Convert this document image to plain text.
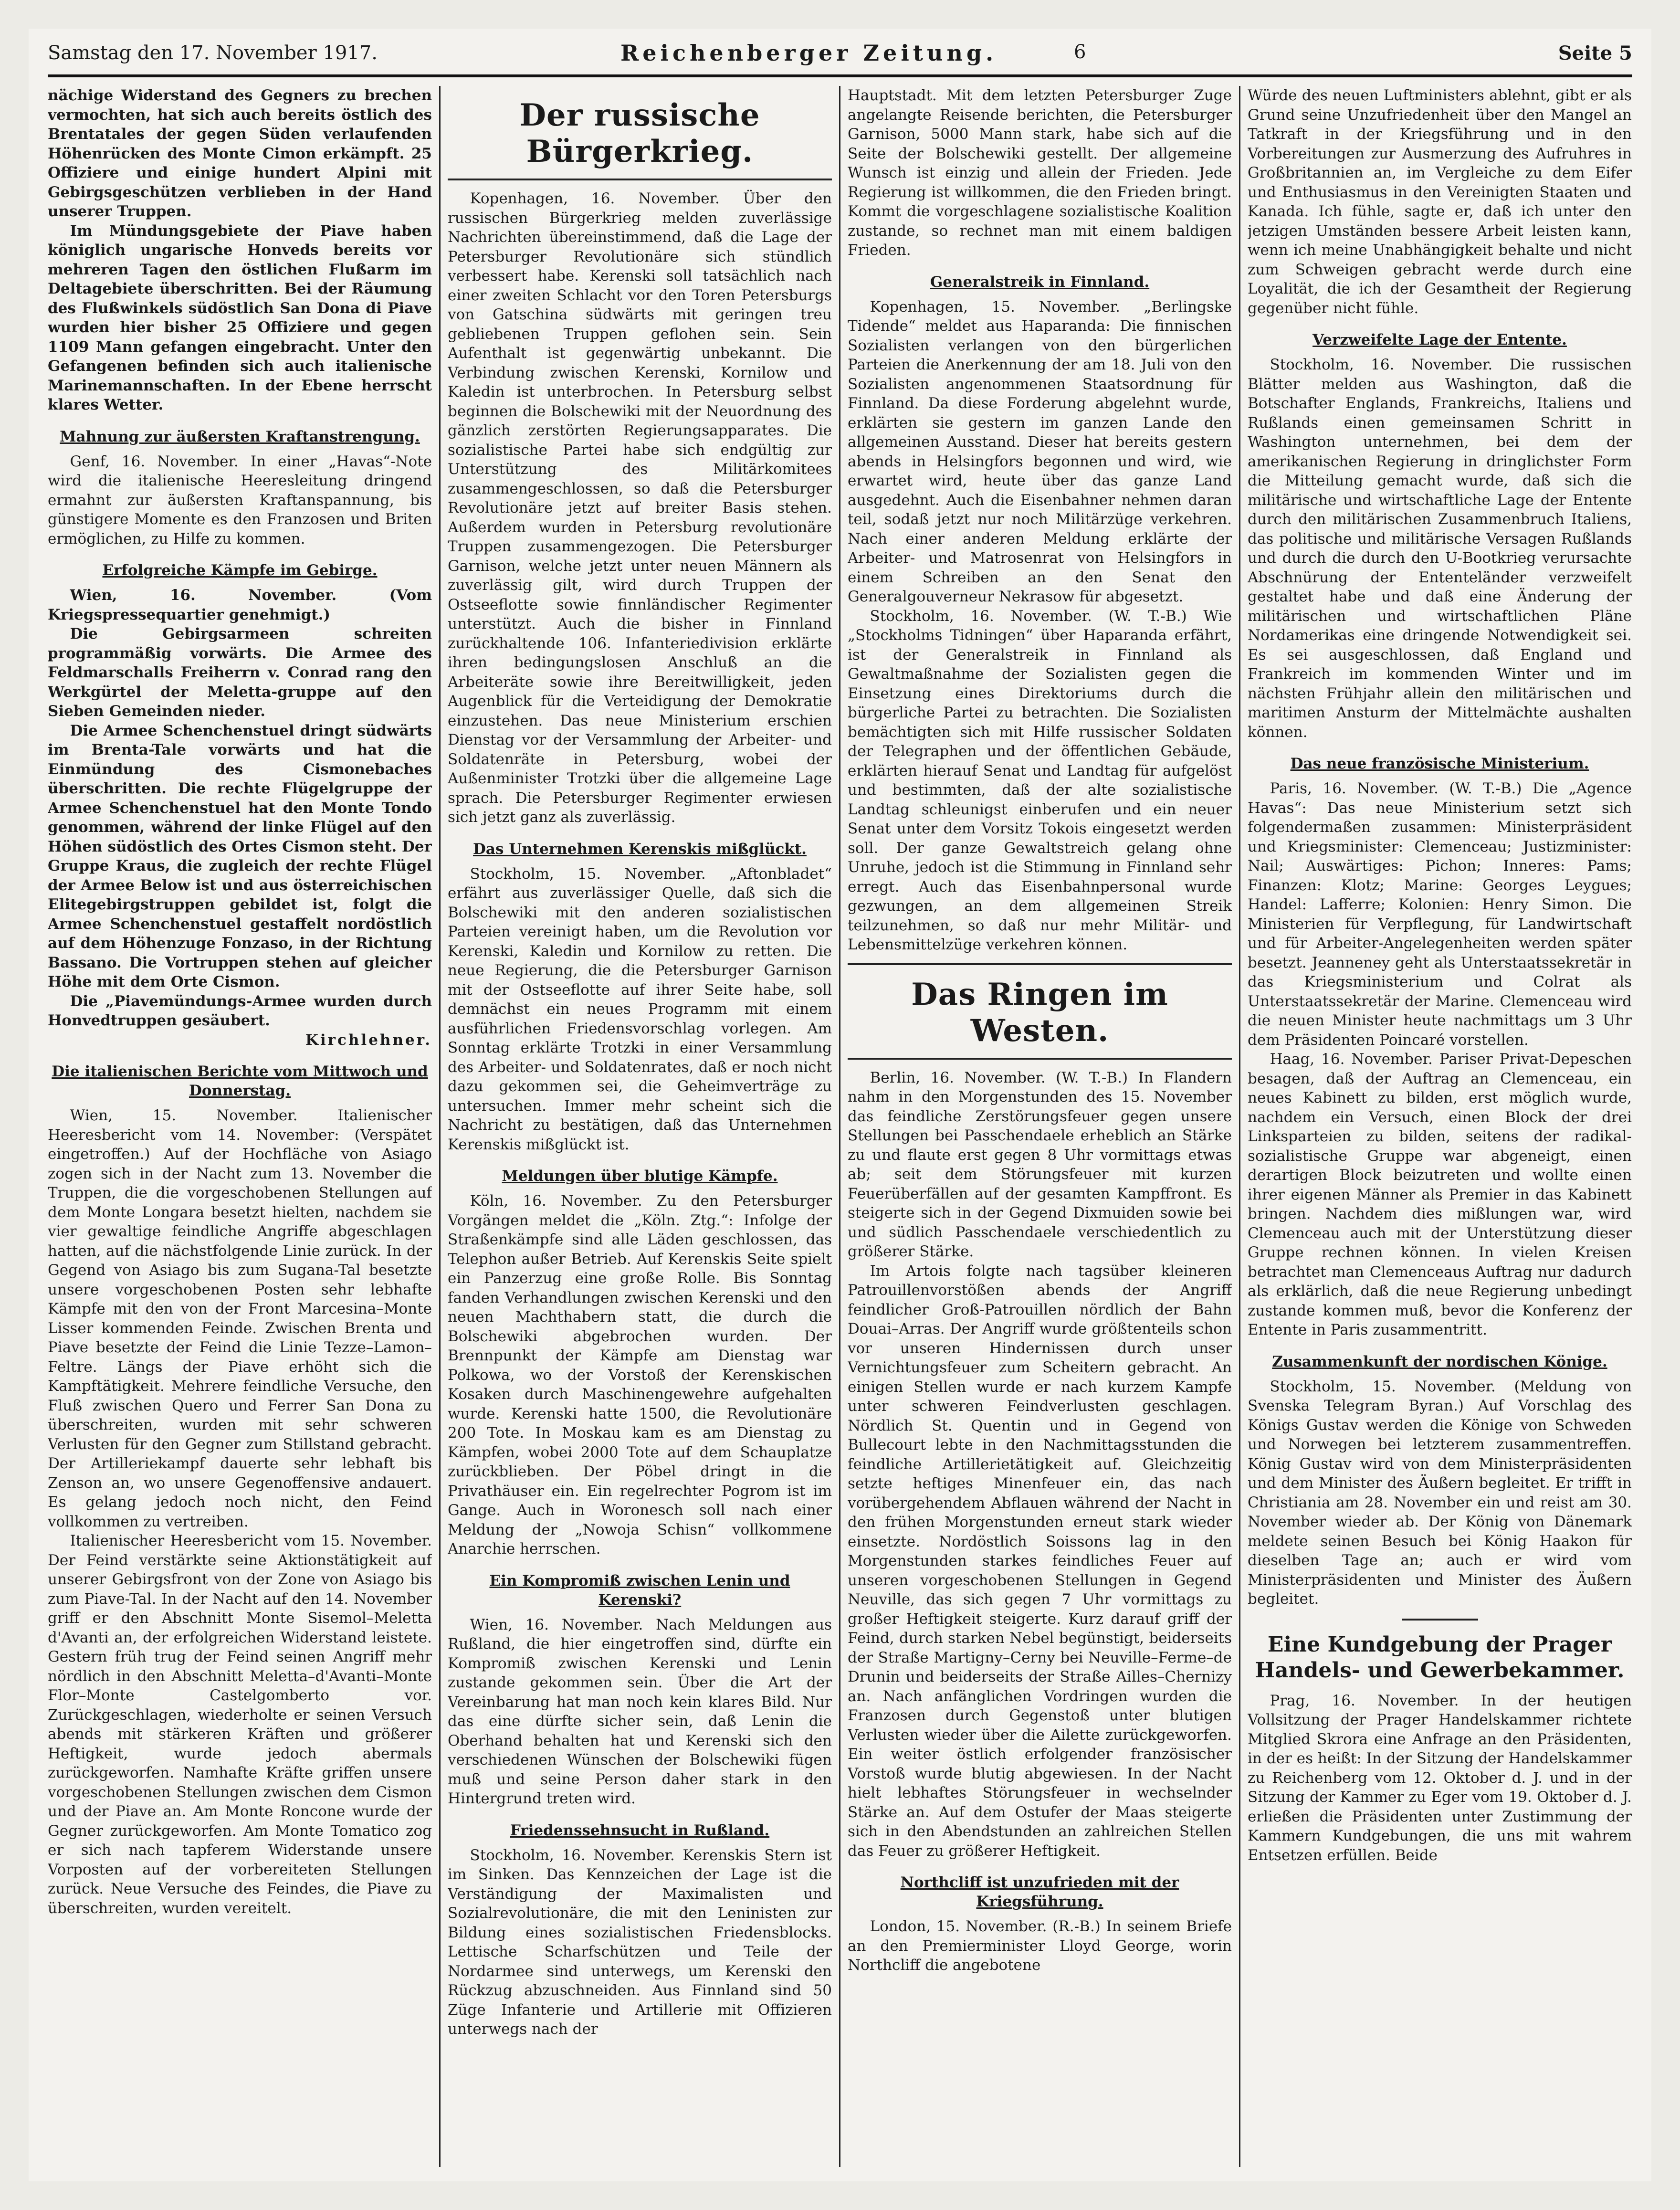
Samstag den 17. November 1917.	Reichenberger Zeitung.	6	Seite 5

nächige Widerstand des Gegners zu brechen vermochten, hat sich auch bereits östlich des Brentatales der gegen Süden verlaufenden Höhenrücken des Monte Cimon erkämpft. 25 Offiziere und einige hundert Alpini mit Gebirgsgeschützen verblieben in der Hand unserer Truppen.

Im Mündungsgebiete der Piave haben königlich ungarische Honveds bereits vor mehreren Tagen den östlichen Flußarm im Deltagebiete überschritten. Bei der Räumung des Flußwinkels südöstlich San Dona di Piave wurden hier bisher 25 Offiziere und gegen 1109 Mann gefangen eingebracht. Unter den Gefangenen befinden sich auch italienische Marinemannschaften. In der Ebene herrscht klares Wetter.

Mahnung zur äußersten Kraftanstrengung.

Genf, 16. November. In einer „Havas“-Note wird die italienische Heeresleitung dringend ermahnt zur äußersten Kraftanspannung, bis günstigere Momente es den Franzosen und Briten ermöglichen, zu Hilfe zu kommen.

Erfolgreiche Kämpfe im Gebirge.

Wien, 16. November. (Vom Kriegspressequartier genehmigt.)

Die Gebirgsarmeen schreiten programmäßig vorwärts. Die Armee des Feldmarschalls Freiherrn v. Conrad rang den Werkgürtel der Meletta-gruppe auf den Sieben Gemeinden nieder.

Die Armee Schenchenstuel dringt südwärts im Brenta-Tale vorwärts und hat die Einmündung des Cismonebaches überschritten. Die rechte Flügelgruppe der Armee Schenchenstuel hat den Monte Tondo genommen, während der linke Flügel auf den Höhen südöstlich des Ortes Cismon steht. Der Gruppe Kraus, die zugleich der rechte Flügel der Armee Below ist und aus österreichischen Elitegebirgstruppen gebildet ist, folgt die Armee Schenchenstuel gestaffelt nordöstlich auf dem Höhenzuge Fonzaso, in der Richtung Bassano. Die Vortruppen stehen auf gleicher Höhe mit dem Orte Cismon.

Die „Piavemündungs-Armee wurden durch Honvedtruppen gesäubert.

Kirchlehner.
Die italienischen Berichte vom Mittwoch und Donnerstag.

Wien, 15. November. Italienischer Heeresbericht vom 14. November: (Verspätet eingetroffen.) Auf der Hochfläche von Asiago zogen sich in der Nacht zum 13. November die Truppen, die die vorgeschobenen Stellungen auf dem Monte Longara besetzt hielten, nachdem sie vier gewaltige feindliche Angriffe abgeschlagen hatten, auf die nächstfolgende Linie zurück. In der Gegend von Asiago bis zum Sugana-Tal besetzte unsere vorgeschobenen Posten sehr lebhafte Kämpfe mit den von der Front Marcesina–Monte Lisser kommenden Feinde. Zwischen Brenta und Piave besetzte der Feind die Linie Tezze–Lamon–Feltre. Längs der Piave erhöht sich die Kampftätigkeit. Mehrere feindliche Versuche, den Fluß zwischen Quero und Ferrer San Dona zu überschreiten, wurden mit sehr schweren Verlusten für den Gegner zum Stillstand gebracht. Der Artilleriekampf dauerte sehr lebhaft bis Zenson an, wo unsere Gegenoffensive andauert. Es gelang jedoch noch nicht, den Feind vollkommen zu vertreiben.

Italienischer Heeresbericht vom 15. November. Der Feind verstärkte seine Aktionstätigkeit auf unserer Gebirgsfront von der Zone von Asiago bis zum Piave-Tal. In der Nacht auf den 14. November griff er den Abschnitt Monte Sisemol–Meletta d'Avanti an, der erfolgreichen Widerstand leistete. Gestern früh trug der Feind seinen Angriff mehr nördlich in den Abschnitt Meletta–d'Avanti–Monte Flor–Monte Castelgomberto vor. Zurückgeschlagen, wiederholte er seinen Versuch abends mit stärkeren Kräften und größerer Heftigkeit, wurde jedoch abermals zurückgeworfen. Namhafte Kräfte griffen unsere vorgeschobenen Stellungen zwischen dem Cismon und der Piave an. Am Monte Roncone wurde der Gegner zurückgeworfen. Am Monte Tomatico zog er sich nach tapferem Widerstande unsere Vorposten auf der vorbereiteten Stellungen zurück. Neue Versuche des Feindes, die Piave zu überschreiten, wurden vereitelt.

Der russische Bürgerkrieg.

Kopenhagen, 16. November. Über den russischen Bürgerkrieg melden zuverlässige Nachrichten übereinstimmend, daß die Lage der Petersburger Revolutionäre sich stündlich verbessert habe. Kerenski soll tatsächlich nach einer zweiten Schlacht vor den Toren Petersburgs von Gatschina südwärts mit geringen treu gebliebenen Truppen geflohen sein. Sein Aufenthalt ist gegenwärtig unbekannt. Die Verbindung zwischen Kerenski, Kornilow und Kaledin ist unterbrochen. In Petersburg selbst beginnen die Bolschewiki mit der Neuordnung des gänzlich zerstörten Regierungsapparates. Die sozialistische Partei habe sich endgültig zur Unterstützung des Militärkomitees zusammengeschlossen, so daß die Petersburger Revolutionäre jetzt auf breiter Basis stehen. Außerdem wurden in Petersburg revolutionäre Truppen zusammengezogen. Die Petersburger Garnison, welche jetzt unter neuen Männern als zuverlässig gilt, wird durch Truppen der Ostseeflotte sowie finnländischer Regimenter unterstützt. Auch die bisher in Finnland zurückhaltende 106. Infanteriedivision erklärte ihren bedingungslosen Anschluß an die Arbeiteräte sowie ihre Bereitwilligkeit, jeden Augenblick für die Verteidigung der Demokratie einzustehen. Das neue Ministerium erschien Dienstag vor der Versammlung der Arbeiter- und Soldatenräte in Petersburg, wobei der Außenminister Trotzki über die allgemeine Lage sprach. Die Petersburger Regimenter erwiesen sich jetzt ganz als zuverlässig.

Das Unternehmen Kerenskis mißglückt.

Stockholm, 15. November. „Aftonbladet“ erfährt aus zuverlässiger Quelle, daß sich die Bolschewiki mit den anderen sozialistischen Parteien vereinigt haben, um die Revolution vor Kerenski, Kaledin und Kornilow zu retten. Die neue Regierung, die die Petersburger Garnison mit der Ostseeflotte auf ihrer Seite habe, soll demnächst ein neues Programm mit einem ausführlichen Friedensvorschlag vorlegen. Am Sonntag erklärte Trotzki in einer Versammlung des Arbeiter- und Soldatenrates, daß er noch nicht dazu gekommen sei, die Geheimverträge zu untersuchen. Immer mehr scheint sich die Nachricht zu bestätigen, daß das Unternehmen Kerenskis mißglückt ist.

Meldungen über blutige Kämpfe.

Köln, 16. November. Zu den Petersburger Vorgängen meldet die „Köln. Ztg.“: Infolge der Straßenkämpfe sind alle Läden geschlossen, das Telephon außer Betrieb. Auf Kerenskis Seite spielt ein Panzerzug eine große Rolle. Bis Sonntag fanden Verhandlungen zwischen Kerenski und den neuen Machthabern statt, die durch die Bolschewiki abgebrochen wurden. Der Brennpunkt der Kämpfe am Dienstag war Polkowa, wo der Vorstoß der Kerenskischen Kosaken durch Maschinengewehre aufgehalten wurde. Kerenski hatte 1500, die Revolutionäre 200 Tote. In Moskau kam es am Dienstag zu Kämpfen, wobei 2000 Tote auf dem Schauplatze zurückblieben. Der Pöbel dringt in die Privathäuser ein. Ein regelrechter Pogrom ist im Gange. Auch in Woronesch soll nach einer Meldung der „Nowoja Schisn“ vollkommene Anarchie herrschen.

Ein Kompromiß zwischen Lenin und Kerenski?

Wien, 16. November. Nach Meldungen aus Rußland, die hier eingetroffen sind, dürfte ein Kompromiß zwischen Kerenski und Lenin zustande gekommen sein. Über die Art der Vereinbarung hat man noch kein klares Bild. Nur das eine dürfte sicher sein, daß Lenin die Oberhand behalten hat und Kerenski sich den verschiedenen Wünschen der Bolschewiki fügen muß und seine Person daher stark in den Hintergrund treten wird.

Friedenssehnsucht in Rußland.

Stockholm, 16. November. Kerenskis Stern ist im Sinken. Das Kennzeichen der Lage ist die Verständigung der Maximalisten und Sozialrevolutionäre, die mit den Leninisten zur Bildung eines sozialistischen Friedensblocks. Lettische Scharfschützen und Teile der Nordarmee sind unterwegs, um Kerenski den Rückzug abzuschneiden. Aus Finnland sind 50 Züge Infanterie und Artillerie mit Offizieren unterwegs nach der

Hauptstadt. Mit dem letzten Petersburger Zuge angelangte Reisende berichten, die Petersburger Garnison, 5000 Mann stark, habe sich auf die Seite der Bolschewiki gestellt. Der allgemeine Wunsch ist einzig und allein der Frieden. Jede Regierung ist willkommen, die den Frieden bringt. Kommt die vorgeschlagene sozialistische Koalition zustande, so rechnet man mit einem baldigen Frieden.

Generalstreik in Finnland.

Kopenhagen, 15. November. „Berlingske Tidende“ meldet aus Haparanda: Die finnischen Sozialisten verlangen von den bürgerlichen Parteien die Anerkennung der am 18. Juli von den Sozialisten angenommenen Staatsordnung für Finnland. Da diese Forderung abgelehnt wurde, erklärten sie gestern im ganzen Lande den allgemeinen Ausstand. Dieser hat bereits gestern abends in Helsingfors begonnen und wird, wie erwartet wird, heute über das ganze Land ausgedehnt. Auch die Eisenbahner nehmen daran teil, sodaß jetzt nur noch Militärzüge verkehren. Nach einer anderen Meldung erklärte der Arbeiter- und Matrosenrat von Helsingfors in einem Schreiben an den Senat den Generalgouverneur Nekrasow für abgesetzt.

Stockholm, 16. November. (W. T.-B.) Wie „Stockholms Tidningen“ über Haparanda erfährt, ist der Generalstreik in Finnland als Gewaltmaßnahme der Sozialisten gegen die Einsetzung eines Direktoriums durch die bürgerliche Partei zu betrachten. Die Sozialisten bemächtigten sich mit Hilfe russischer Soldaten der Telegraphen und der öffentlichen Gebäude, erklärten hierauf Senat und Landtag für aufgelöst und bestimmten, daß der alte sozialistische Landtag schleunigst einberufen und ein neuer Senat unter dem Vorsitz Tokois eingesetzt werden soll. Der ganze Gewaltstreich gelang ohne Unruhe, jedoch ist die Stimmung in Finnland sehr erregt. Auch das Eisenbahnpersonal wurde gezwungen, an dem allgemeinen Streik teilzunehmen, so daß nur mehr Militär- und Lebensmittelzüge verkehren können.

Das Ringen im Westen.

Berlin, 16. November. (W. T.-B.) In Flandern nahm in den Morgenstunden des 15. November das feindliche Zerstörungsfeuer gegen unsere Stellungen bei Passchendaele erheblich an Stärke zu und flaute erst gegen 8 Uhr vormittags etwas ab; seit dem Störungsfeuer mit kurzen Feuerüberfällen auf der gesamten Kampffront. Es steigerte sich in der Gegend Dixmuiden sowie bei und südlich Passchendaele verschiedentlich zu größerer Stärke.

Im Artois folgte nach tagsüber kleineren Patrouillenvorstößen abends der Angriff feindlicher Groß-Patrouillen nördlich der Bahn Douai–Arras. Der Angriff wurde größtenteils schon vor unseren Hindernissen durch unser Vernichtungsfeuer zum Scheitern gebracht. An einigen Stellen wurde er nach kurzem Kampfe unter schweren Feindverlusten geschlagen. Nördlich St. Quentin und in Gegend von Bullecourt lebte in den Nachmittagsstunden die feindliche Artillerietätigkeit auf. Gleichzeitig setzte heftiges Minenfeuer ein, das nach vorübergehendem Abflauen während der Nacht in den frühen Morgenstunden erneut stark wieder einsetzte. Nordöstlich Soissons lag in den Morgenstunden starkes feindliches Feuer auf unseren vorgeschobenen Stellungen in Gegend Neuville, das sich gegen 7 Uhr vormittags zu großer Heftigkeit steigerte. Kurz darauf griff der Feind, durch starken Nebel begünstigt, beiderseits der Straße Martigny–Cerny bei Neuville–Ferme–de Drunin und beiderseits der Straße Ailles–Chernizy an. Nach anfänglichen Vordringen wurden die Franzosen durch Gegenstoß unter blutigen Verlusten wieder über die Ailette zurückgeworfen. Ein weiter östlich erfolgender französischer Vorstoß wurde blutig abgewiesen. In der Nacht hielt lebhaftes Störungsfeuer in wechselnder Stärke an. Auf dem Ostufer der Maas steigerte sich in den Abendstunden an zahlreichen Stellen das Feuer zu größerer Heftigkeit.

Northcliff ist unzufrieden mit der Kriegsführung.

London, 15. November. (R.-B.) In seinem Briefe an den Premierminister Lloyd George, worin Northcliff die angebotene

Würde des neuen Luftministers ablehnt, gibt er als Grund seine Unzufriedenheit über den Mangel an Tatkraft in der Kriegsführung und in den Vorbereitungen zur Ausmerzung des Aufruhres in Großbritannien an, im Vergleiche zu dem Eifer und Enthusiasmus in den Vereinigten Staaten und Kanada. Ich fühle, sagte er, daß ich unter den jetzigen Umständen bessere Arbeit leisten kann, wenn ich meine Unabhängigkeit behalte und nicht zum Schweigen gebracht werde durch eine Loyalität, die ich der Gesamtheit der Regierung gegenüber nicht fühle.

Verzweifelte Lage der Entente.

Stockholm, 16. November. Die russischen Blätter melden aus Washington, daß die Botschafter Englands, Frankreichs, Italiens und Rußlands einen gemeinsamen Schritt in Washington unternehmen, bei dem der amerikanischen Regierung in dringlichster Form die Mitteilung gemacht wurde, daß sich die militärische und wirtschaftliche Lage der Entente durch den militärischen Zusammenbruch Italiens, das politische und militärische Versagen Rußlands und durch die durch den U-Bootkrieg verursachte Abschnürung der Ententeländer verzweifelt gestaltet habe und daß eine Änderung der militärischen und wirtschaftlichen Pläne Nordamerikas eine dringende Notwendigkeit sei. Es sei ausgeschlossen, daß England und Frankreich im kommenden Winter und im nächsten Frühjahr allein den militärischen und maritimen Ansturm der Mittelmächte aushalten können.

Das neue französische Ministerium.

Paris, 16. November. (W. T.-B.) Die „Agence Havas“: Das neue Ministerium setzt sich folgendermaßen zusammen: Ministerpräsident und Kriegsminister: Clemenceau; Justizminister: Nail; Auswärtiges: Pichon; Inneres: Pams; Finanzen: Klotz; Marine: Georges Leygues; Handel: Lafferre; Kolonien: Henry Simon. Die Ministerien für Verpflegung, für Landwirtschaft und für Arbeiter-Angelegenheiten werden später besetzt. Jeanneney geht als Unterstaatssekretär in das Kriegsministerium und Colrat als Unterstaatssekretär der Marine. Clemenceau wird die neuen Minister heute nachmittags um 3 Uhr dem Präsidenten Poincaré vorstellen.

Haag, 16. November. Pariser Privat-Depeschen besagen, daß der Auftrag an Clemenceau, ein neues Kabinett zu bilden, erst möglich wurde, nachdem ein Versuch, einen Block der drei Linksparteien zu bilden, seitens der radikal-sozialistische Gruppe war abgeneigt, einen derartigen Block beizutreten und wollte einen ihrer eigenen Männer als Premier in das Kabinett bringen. Nachdem dies mißlungen war, wird Clemenceau auch mit der Unterstützung dieser Gruppe rechnen können. In vielen Kreisen betrachtet man Clemenceaus Auftrag nur dadurch als erklärlich, daß die neue Regierung unbedingt zustande kommen muß, bevor die Konferenz der Entente in Paris zusammentritt.

Zusammenkunft der nordischen Könige.

Stockholm, 15. November. (Meldung von Svenska Telegram Byran.) Auf Vorschlag des Königs Gustav werden die Könige von Schweden und Norwegen bei letzterem zusammentreffen. König Gustav wird von dem Ministerpräsidenten und dem Minister des Äußern begleitet. Er trifft in Christiania am 28. November ein und reist am 30. November wieder ab. Der König von Dänemark meldete seinen Besuch bei König Haakon für dieselben Tage an; auch er wird vom Ministerpräsidenten und Minister des Äußern begleitet.

Eine Kundgebung der Prager Handels- und Gewerbekammer.

Prag, 16. November. In der heutigen Vollsitzung der Prager Handelskammer richtete Mitglied Skrora eine Anfrage an den Präsidenten, in der es heißt: In der Sitzung der Handelskammer zu Reichenberg vom 12. Oktober d. J. und in der Sitzung der Kammer zu Eger vom 19. Oktober d. J. erließen die Präsidenten unter Zustimmung der Kammern Kundgebungen, die uns mit wahrem Entsetzen erfüllen. Beide
